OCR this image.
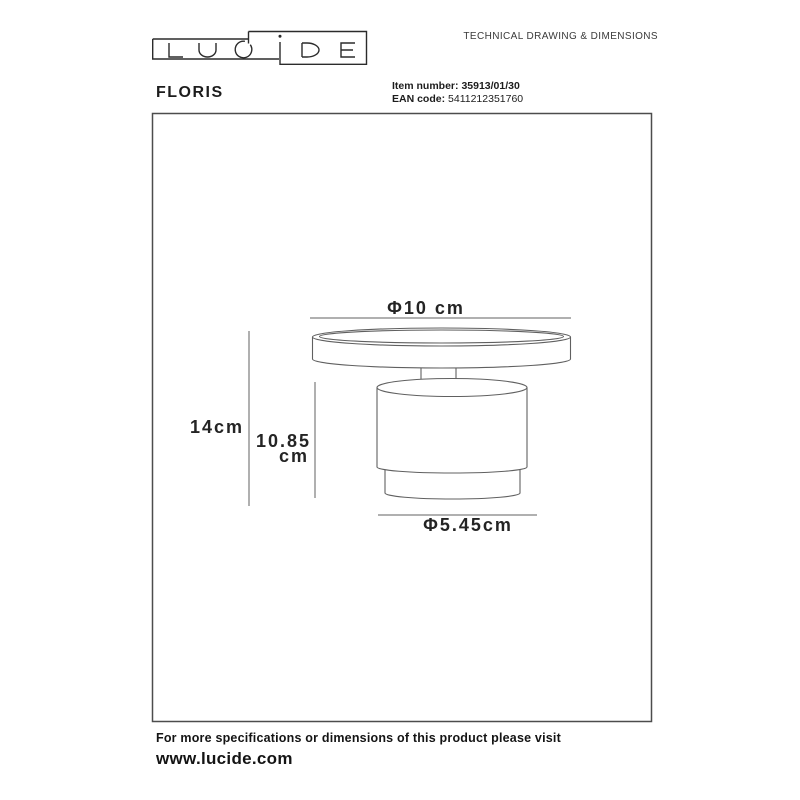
FLORIS
TECHNICAL DRAWING & DIMENSIONS
Item number: 35913/01/30
EAN code: 5411212351760
Φ10 cm
14cm
10.85
cm
Φ5.45cm
For more specifications or dimensions of this product please visit
www.lucide.com
